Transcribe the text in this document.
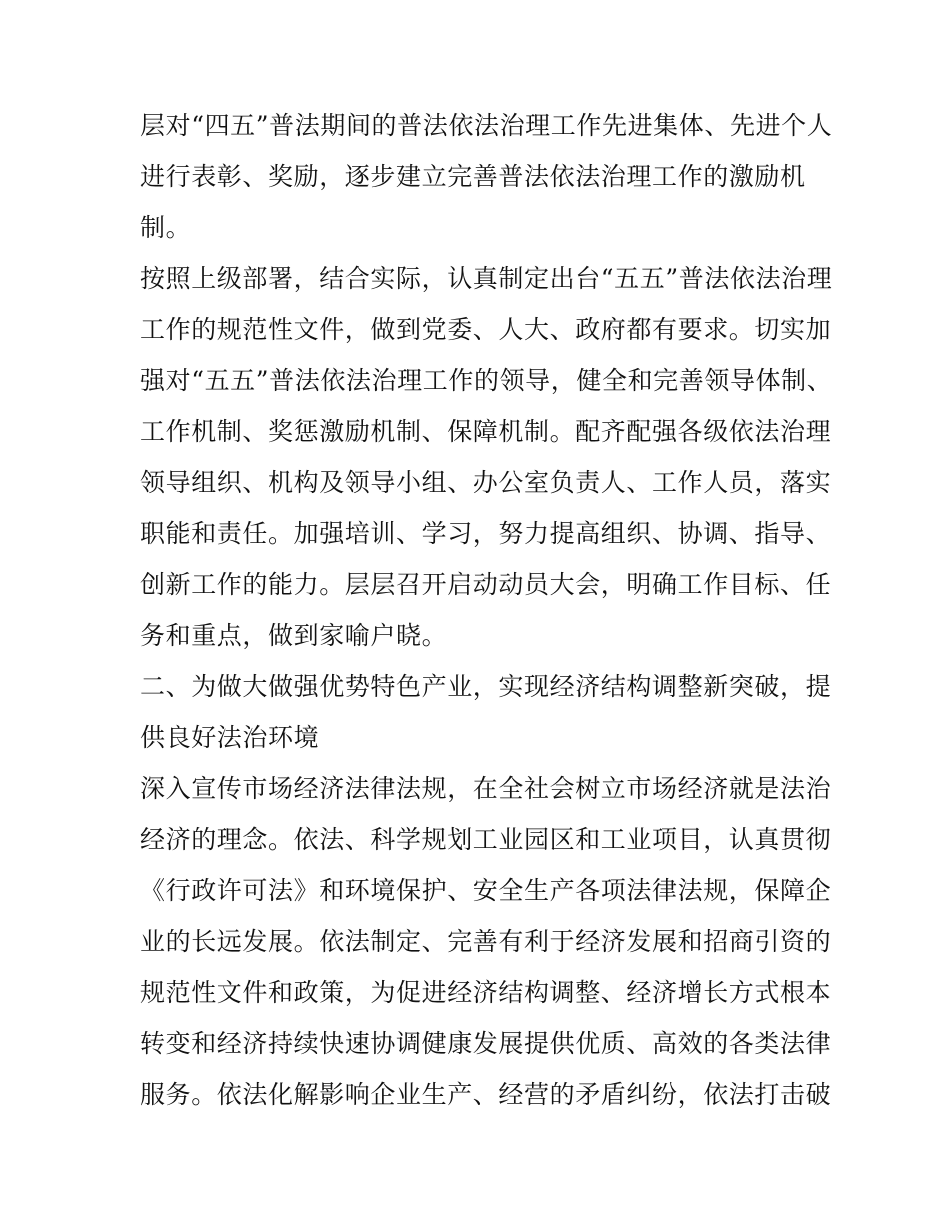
层对“四五”普法期间的普法依法治理工作先进集体、先进个人
进行表彰、奖励，逐步建立完善普法依法治理工作的激励机
制。
按照上级部署，结合实际，认真制定出台“五五”普法依法治理
工作的规范性文件，做到党委、人大、政府都有要求。切实加
强对“五五”普法依法治理工作的领导，健全和完善领导体制、
工作机制、奖惩激励机制、保障机制。配齐配强各级依法治理
领导组织、机构及领导小组、办公室负责人、工作人员，落实
职能和责任。加强培训、学习，努力提高组织、协调、指导、
创新工作的能力。层层召开启动动员大会，明确工作目标、任
务和重点，做到家喻户晓。
二、为做大做强优势特色产业，实现经济结构调整新突破，提
供良好法治环境
深入宣传市场经济法律法规，在全社会树立市场经济就是法治
经济的理念。依法、科学规划工业园区和工业项目，认真贯彻
《行政许可法》和环境保护、安全生产各项法律法规，保障企
业的长远发展。依法制定、完善有利于经济发展和招商引资的
规范性文件和政策，为促进经济结构调整、经济增长方式根本
转变和经济持续快速协调健康发展提供优质、高效的各类法律
服务。依法化解影响企业生产、经营的矛盾纠纷，依法打击破
